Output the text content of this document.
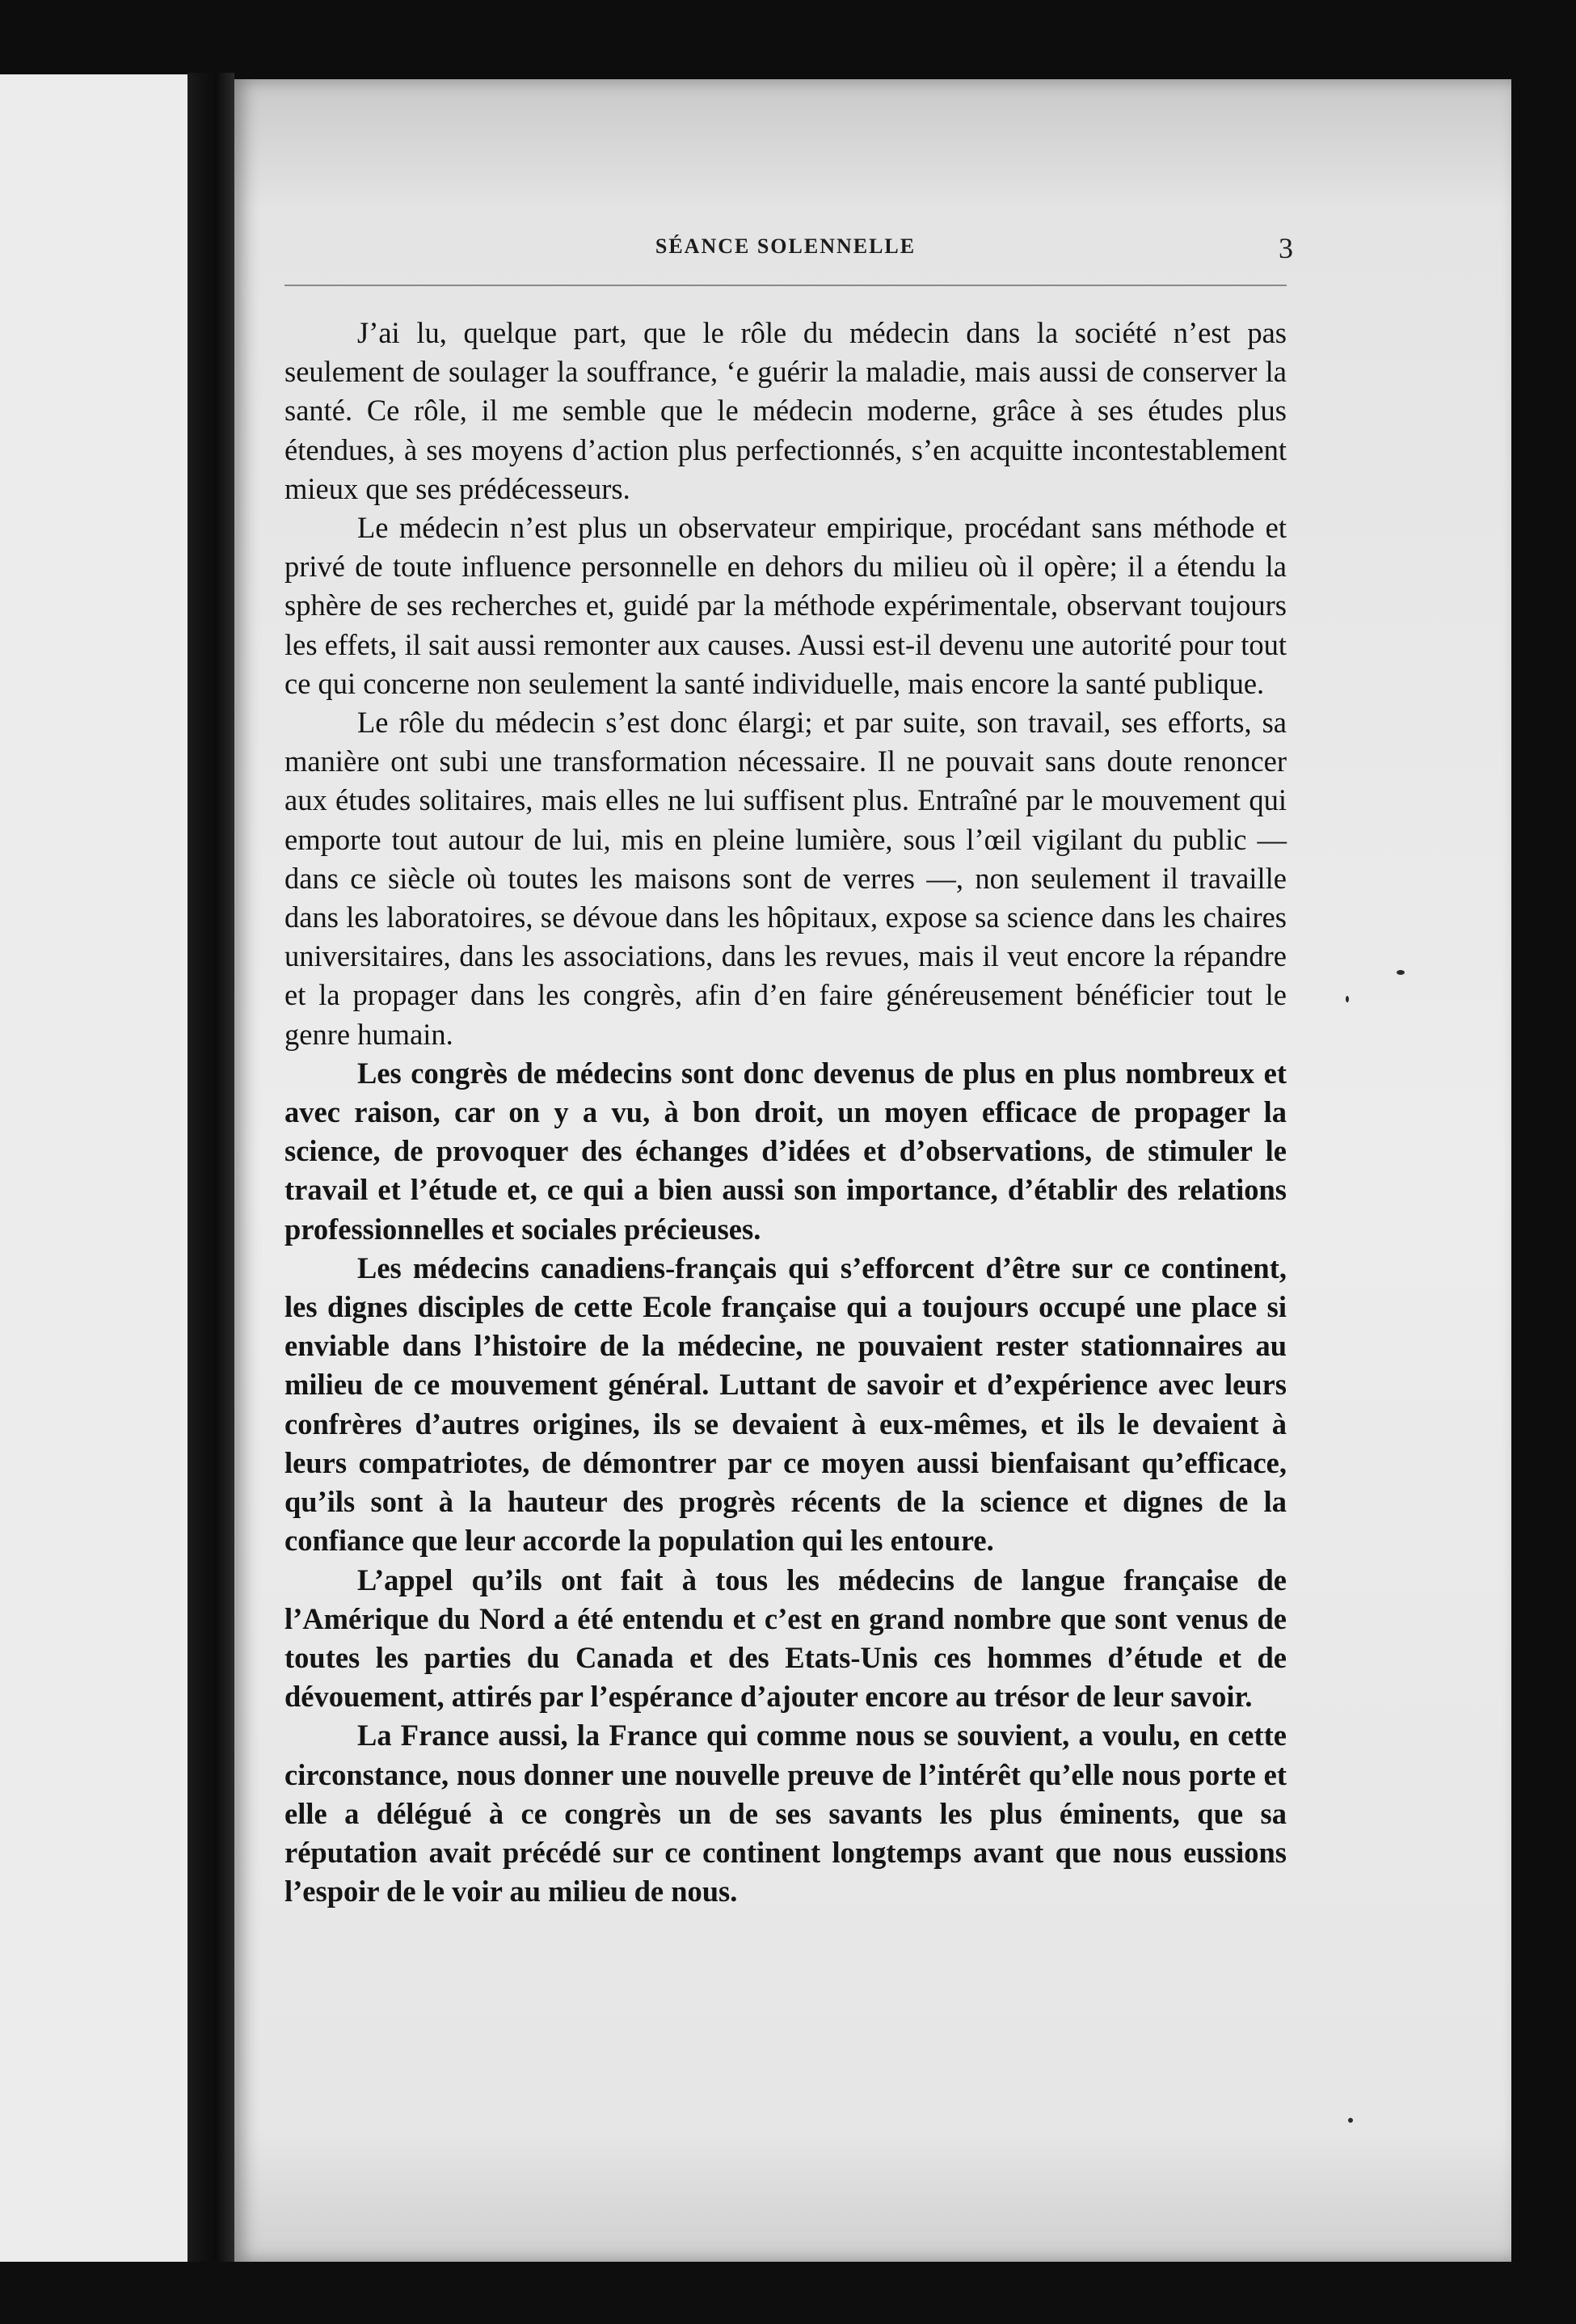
SÉANCE SOLENNELLE	3

J’ai lu, quelque part, que le rôle du médecin dans la société n’est pas seulement de soulager la souffrance, ‘e guérir la maladie, mais aussi de conserver la santé. Ce rôle, il me semble que le médecin moderne, grâce à ses études plus étendues, à ses moyens d’action plus perfectionnés, s’en acquitte incontestablement mieux que ses prédécesseurs.

Le médecin n’est plus un observateur empirique, procédant sans méthode et privé de toute influence personnelle en dehors du milieu où il opère; il a étendu la sphère de ses recherches et, guidé par la méthode expérimentale, observant toujours les effets, il sait aussi remonter aux causes. Aussi est-il devenu une autorité pour tout ce qui concerne non seulement la santé individuelle, mais encore la santé publique.

Le rôle du médecin s’est donc élargi; et par suite, son travail, ses efforts, sa manière ont subi une transformation nécessaire. Il ne pouvait sans doute renoncer aux études solitaires, mais elles ne lui suffisent plus. Entraîné par le mouvement qui emporte tout autour de lui, mis en pleine lumière, sous l’œil vigilant du public — dans ce siècle où toutes les maisons sont de verres —, non seulement il travaille dans les laboratoires, se dévoue dans les hôpitaux, expose sa science dans les chaires universitaires, dans les associations, dans les revues, mais il veut encore la répandre et la propager dans les congrès, afin d’en faire généreusement bénéficier tout le genre humain.

Les congrès de médecins sont donc devenus de plus en plus nombreux et avec raison, car on y a vu, à bon droit, un moyen efficace de propager la science, de provoquer des échanges d’idées et d’observations, de stimuler le travail et l’étude et, ce qui a bien aussi son importance, d’établir des relations professionnelles et sociales précieuses.

Les médecins canadiens-français qui s’efforcent d’être sur ce continent, les dignes disciples de cette Ecole française qui a toujours occupé une place si enviable dans l’histoire de la médecine, ne pouvaient rester stationnaires au milieu de ce mouvement général. Luttant de savoir et d’expérience avec leurs confrères d’autres origines, ils se devaient à eux-mêmes, et ils le devaient à leurs compatriotes, de démontrer par ce moyen aussi bienfaisant qu’efficace, qu’ils sont à la hauteur des progrès récents de la science et dignes de la confiance que leur accorde la population qui les entoure.

L’appel qu’ils ont fait à tous les médecins de langue française de l’Amérique du Nord a été entendu et c’est en grand nombre que sont venus de toutes les parties du Canada et des Etats-Unis ces hommes d’étude et de dévouement, attirés par l’espérance d’ajouter encore au trésor de leur savoir.

La France aussi, la France qui comme nous se souvient, a voulu, en cette circonstance, nous donner une nouvelle preuve de l’intérêt qu’elle nous porte et elle a délégué à ce congrès un de ses savants les plus éminents, que sa réputation avait précédé sur ce continent longtemps avant que nous eussions l’espoir de le voir au milieu de nous.
